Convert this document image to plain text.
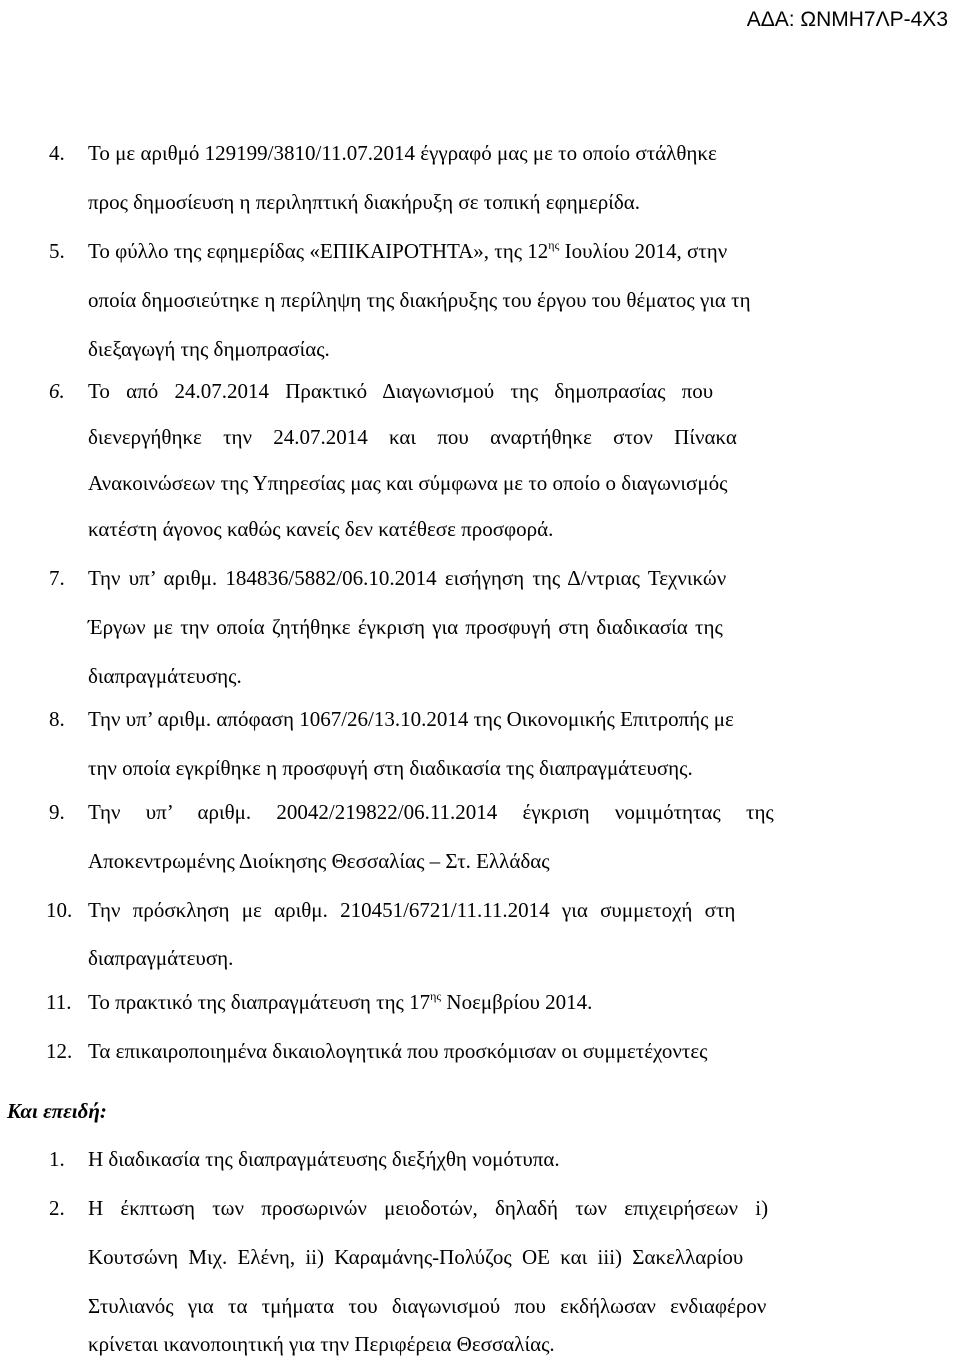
ΑΔΑ: ΩΝΜΗ7ΛΡ-4Χ3
4. Το με αριθμό 129199/3810/11.07.2014 έγγραφό μας με το οποίο στάλθηκε
προς δημοσίευση η περιληπτική διακήρυξη σε τοπική εφημερίδα.
5. Το φύλλο της εφημερίδας «ΕΠΙΚΑΙΡΟΤΗΤΑ», της $12^{\eta\varsigma}$ Ιουλίου 2014, στην
οποία δημοσιεύτηκε η περίληψη της διακήρυξης του έργου του θέματος για τη
διεξαγωγή της δημοπρασίας.
6. Το από 24.07.2014 Πρακτικό Διαγωνισμού της δημοπρασίας που
διενεργήθηκε την 24.07.2014 και που αναρτήθηκε στον Πίνακα
Ανακοινώσεων της Υπηρεσίας μας και σύμφωνα με το οποίο ο διαγωνισμός
κατέστη άγονος καθώς κανείς δεν κατέθεσε προσφορά.
7. Την υπ’ αριθμ. 184836/5882/06.10.2014 εισήγηση της Δ/ντριας Τεχνικών
Έργων με την οποία ζητήθηκε έγκριση για προσφυγή στη διαδικασία της
διαπραγμάτευσης.
8. Την υπ’ αριθμ. απόφαση 1067/26/13.10.2014 της Οικονομικής Επιτροπής με
την οποία εγκρίθηκε η προσφυγή στη διαδικασία της διαπραγμάτευσης.
9. Την υπ’ αριθμ. 20042/219822/06.11.2014 έγκριση νομιμότητας της
Αποκεντρωμένης Διοίκησης Θεσσαλίας – Στ. Ελλάδας
10. Την πρόσκληση με αριθμ. 210451/6721/11.11.2014 για συμμετοχή στη
διαπραγμάτευση.
11. Το πρακτικό της διαπραγμάτευση της $17^{\eta\varsigma}$ Νοεμβρίου 2014.
12. Τα επικαιροποιημένα δικαιολογητικά που προσκόμισαν οι συμμετέχοντες
Και επειδή:
1. Η διαδικασία της διαπραγμάτευσης διεξήχθη νομότυπα.
2. Η έκπτωση των προσωρινών μειοδοτών, δηλαδή των επιχειρήσεων i)
Κουτσώνη Μιχ. Ελένη, ii) Καραμάνης-Πολύζος ΟΕ και iii) Σακελλαρίου
Στυλιανός για τα τμήματα του διαγωνισμού που εκδήλωσαν ενδιαφέρον
κρίνεται ικανοποιητική για την Περιφέρεια Θεσσαλίας.
